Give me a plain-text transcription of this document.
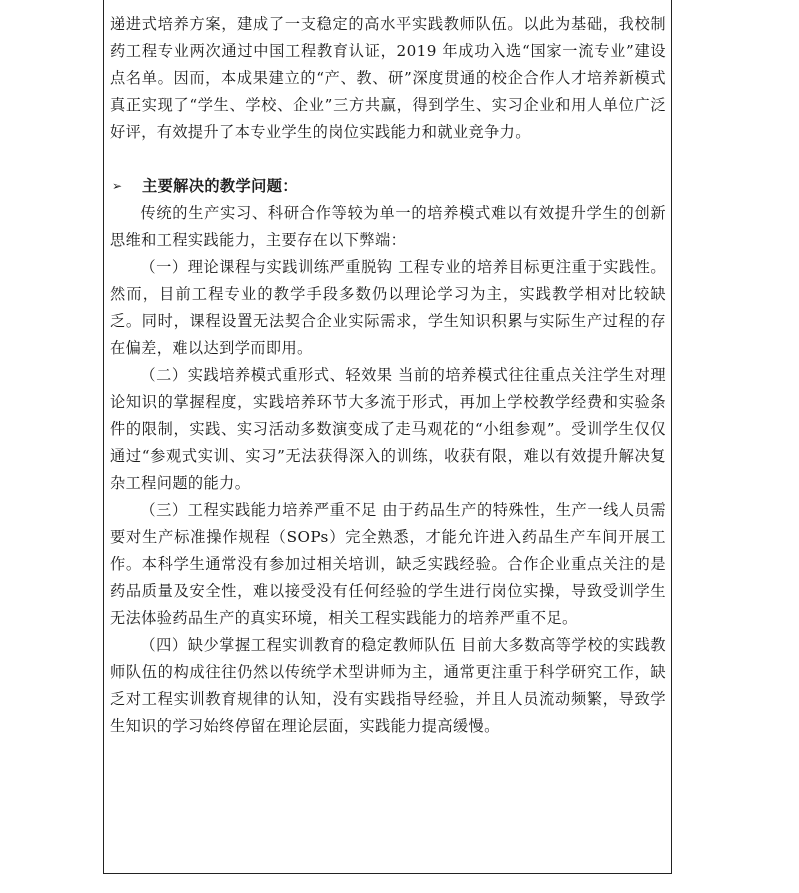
递进式培养方案，建成了一支稳定的高水平实践教师队伍。以此为基础，我校制药工程专业两次通过中国工程教育认证，2019 年成功入选“国家一流专业”建设点名单。因而，本成果建立的“产、教、研”深度贯通的校企合作人才培养新模式真正实现了“学生、学校、企业”三方共赢，得到学生、实习企业和用人单位广泛好评，有效提升了本专业学生的岗位实践能力和就业竞争力。

➢	主要解决的教学问题：

传统的生产实习、科研合作等较为单一的培养模式难以有效提升学生的创新思维和工程实践能力，主要存在以下弊端：

（一）理论课程与实践训练严重脱钩 工程专业的培养目标更注重于实践性。然而，目前工程专业的教学手段多数仍以理论学习为主，实践教学相对比较缺乏。同时，课程设置无法契合企业实际需求，学生知识积累与实际生产过程的存在偏差，难以达到学而即用。

（二）实践培养模式重形式、轻效果 当前的培养模式往往重点关注学生对理论知识的掌握程度，实践培养环节大多流于形式，再加上学校教学经费和实验条件的限制，实践、实习活动多数演变成了走马观花的“小组参观”。受训学生仅仅通过“参观式实训、实习”无法获得深入的训练，收获有限，难以有效提升解决复杂工程问题的能力。

（三）工程实践能力培养严重不足 由于药品生产的特殊性，生产一线人员需要对生产标准操作规程（SOPs）完全熟悉，才能允许进入药品生产车间开展工作。本科学生通常没有参加过相关培训，缺乏实践经验。合作企业重点关注的是药品质量及安全性，难以接受没有任何经验的学生进行岗位实操，导致受训学生无法体验药品生产的真实环境，相关工程实践能力的培养严重不足。

（四）缺少掌握工程实训教育的稳定教师队伍 目前大多数高等学校的实践教师队伍的构成往往仍然以传统学术型讲师为主，通常更注重于科学研究工作，缺乏对工程实训教育规律的认知，没有实践指导经验，并且人员流动频繁，导致学生知识的学习始终停留在理论层面，实践能力提高缓慢。
